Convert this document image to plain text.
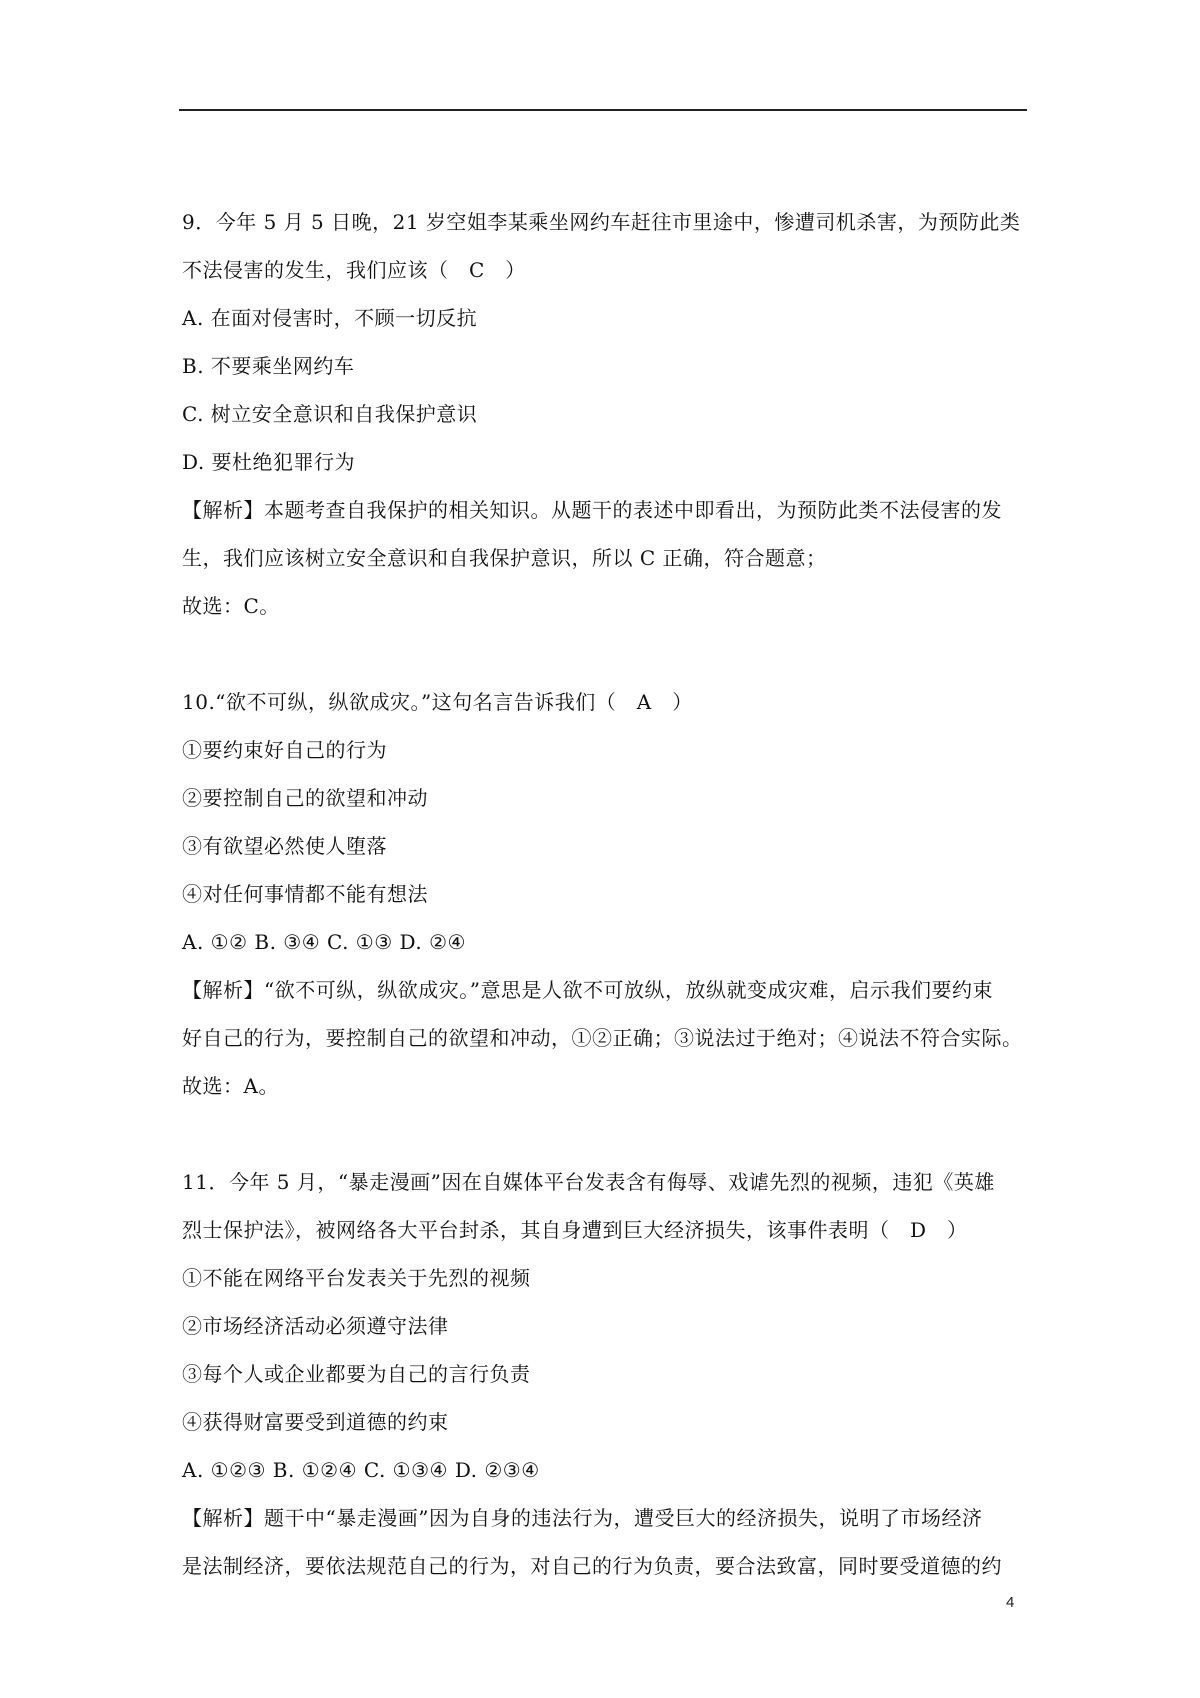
9．今年 5 月 5 日晚，21 岁空姐李某乘坐网约车赶往市里途中，惨遭司机杀害，为预防此类
不法侵害的发生，我们应该（　C　）
A. 在面对侵害时，不顾一切反抗
B. 不要乘坐网约车
C. 树立安全意识和自我保护意识
D. 要杜绝犯罪行为
【解析】本题考查自我保护的相关知识。从题干的表述中即看出，为预防此类不法侵害的发
生，我们应该树立安全意识和自我保护意识，所以 C 正确，符合题意；
故选：C。
10.“欲不可纵，纵欲成灾。”这句名言告诉我们（　A　）
①要约束好自己的行为
②要控制自己的欲望和冲动
③有欲望必然使人堕落
④对任何事情都不能有想法
A. ①② B. ③④ C. ①③ D. ②④
【解析】“欲不可纵，纵欲成灾。”意思是人欲不可放纵，放纵就变成灾难，启示我们要约束
好自己的行为，要控制自己的欲望和冲动，①②正确；③说法过于绝对；④说法不符合实际。
故选：A。
11．今年 5 月，“暴走漫画”因在自媒体平台发表含有侮辱、戏谑先烈的视频，违犯《英雄
烈士保护法》，被网络各大平台封杀，其自身遭到巨大经济损失，该事件表明（　D　）
①不能在网络平台发表关于先烈的视频
②市场经济活动必须遵守法律
③每个人或企业都要为自己的言行负责
④获得财富要受到道德的约束
A. ①②③ B. ①②④ C. ①③④ D. ②③④
【解析】题干中“暴走漫画”因为自身的违法行为，遭受巨大的经济损失，说明了市场经济
是法制经济，要依法规范自己的行为，对自己的行为负责，要合法致富，同时要受道德的约
4
